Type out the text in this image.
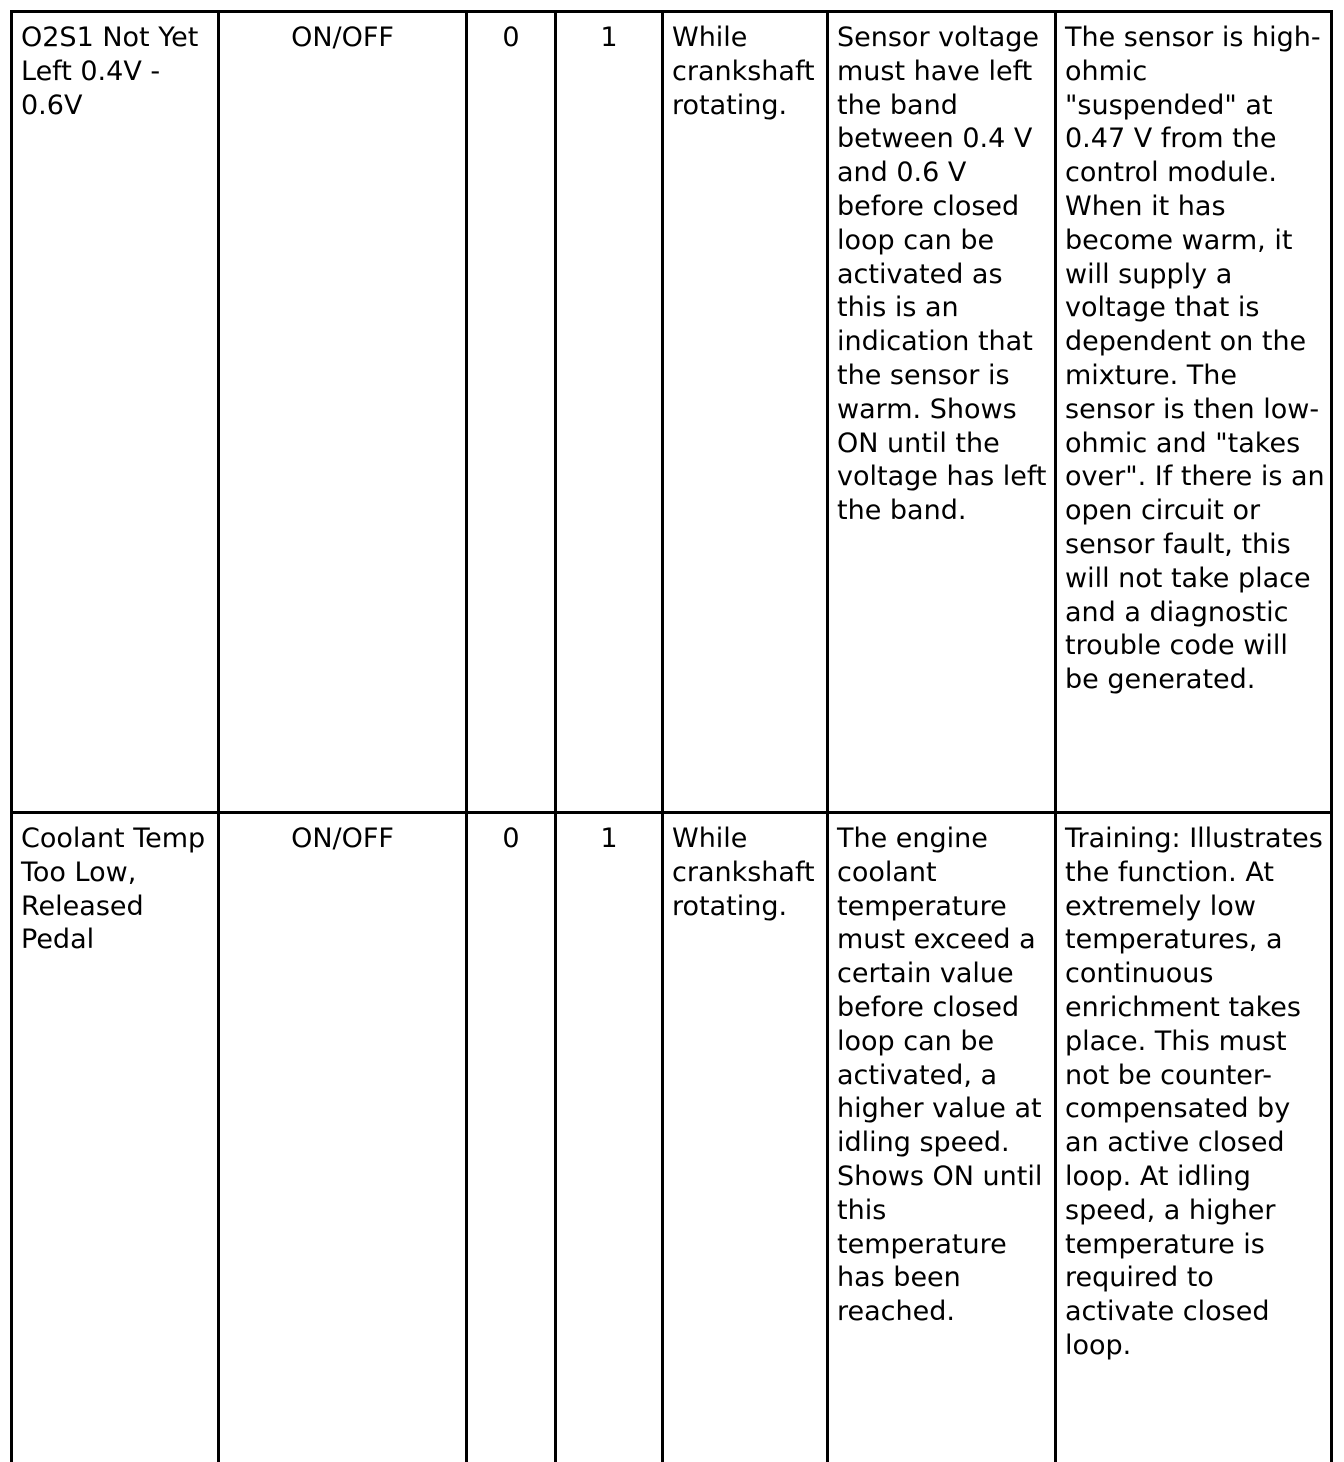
O2S1 Not Yet Left 0.4V - 0.6V	ON/OFF	0	1	While crankshaft rotating.	Sensor voltage must have left the band between 0.4 V and 0.6 V before closed loop can be activated as this is an indication that the sensor is warm. Shows ON until the voltage has left the band.	The sensor is high-ohmic "suspended" at 0.47 V from the control module. When it has become warm, it will supply a voltage that is dependent on the mixture. The sensor is then low-ohmic and "takes over". If there is an open circuit or sensor fault, this will not take place and a diagnostic trouble code will be generated.
Coolant Temp Too Low, Released Pedal	ON/OFF	0	1	While crankshaft rotating.	The engine coolant temperature must exceed a certain value before closed loop can be activated, a higher value at idling speed. Shows ON until this temperature has been reached.	Training: Illustrates the function. At extremely low temperatures, a continuous enrichment takes place. This must not be counter-compensated by an active closed loop. At idling speed, a higher temperature is required to activate closed loop.
